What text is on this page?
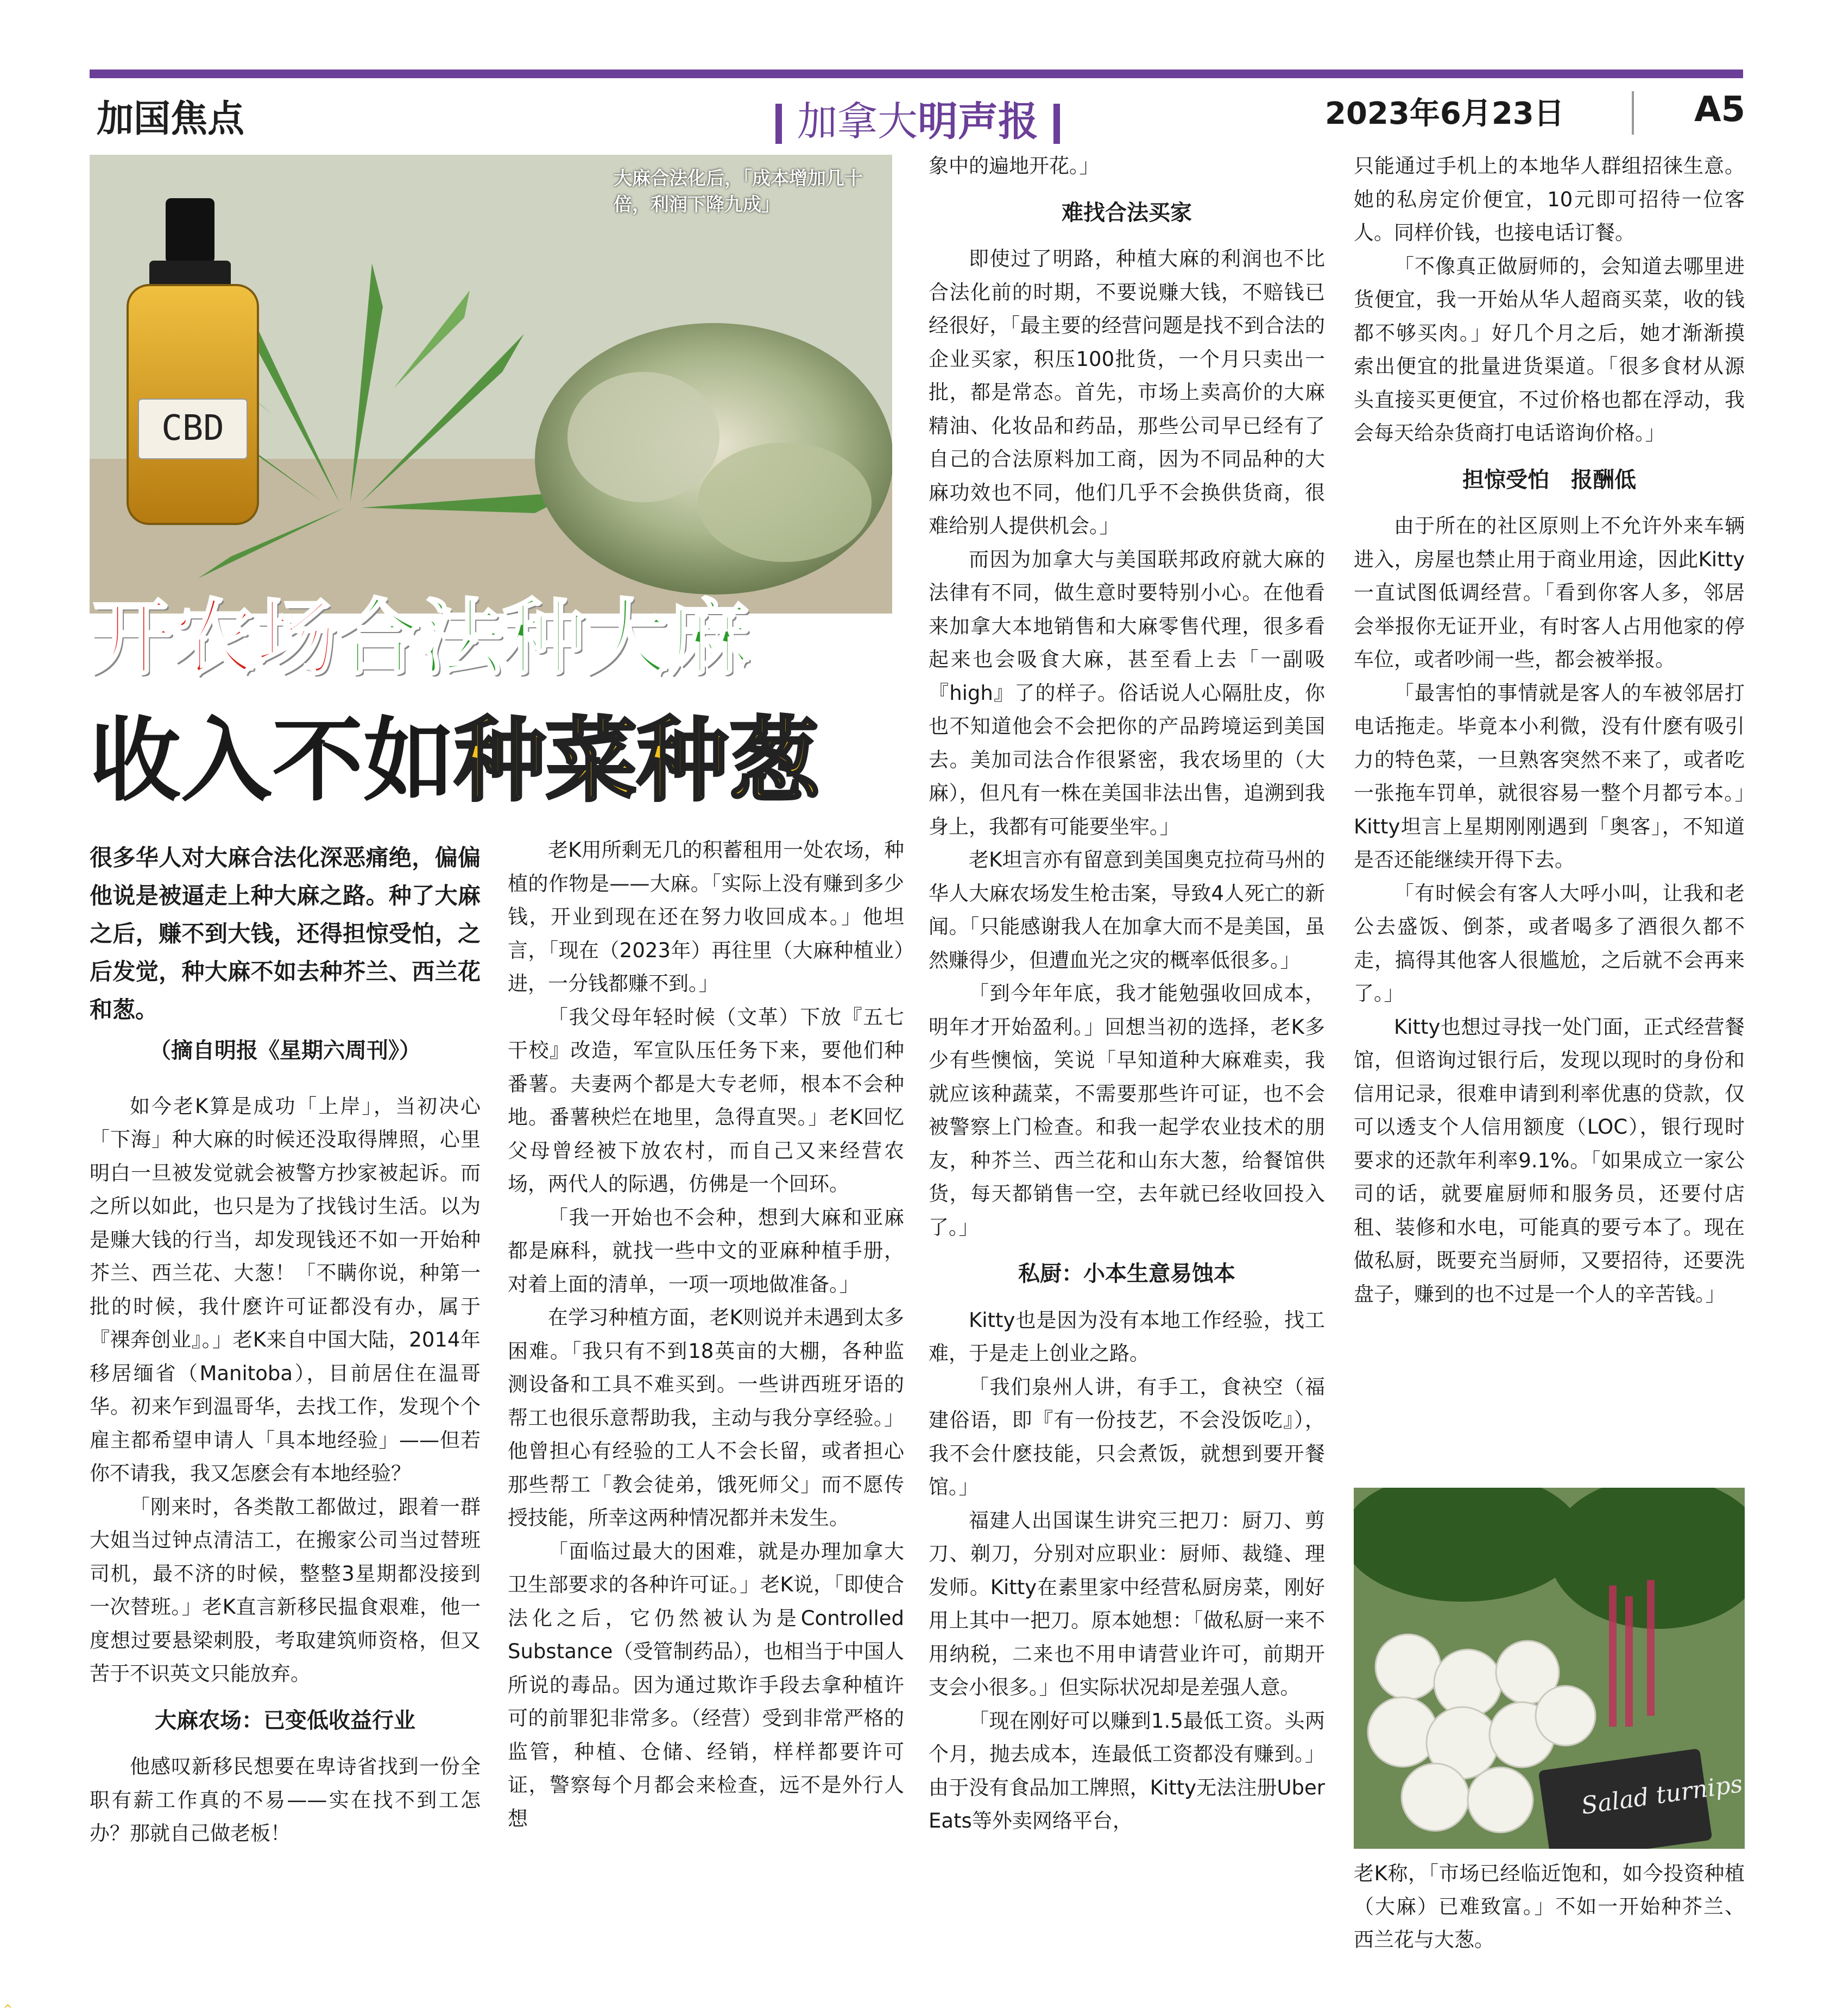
加国焦点	加拿大明声报	2023年6月23日	A5
CBD
大麻合法化后，「成本增加几十倍，利润下降九成」
开农场合法种大麻
收入不如种菜种葱

很多华人对大麻合法化深恶痛绝，偏偏他说是被逼走上种大麻之路。种了大麻之后，赚不到大钱，还得担惊受怕，之后发觉，种大麻不如去种芥兰、西兰花和葱。

（摘自明报《星期六周刊》）

如今老K算是成功「上岸」，当初决心「下海」种大麻的时候还没取得牌照，心里明白一旦被发觉就会被警方抄家被起诉。而之所以如此，也只是为了找钱讨生活。以为是赚大钱的行当，却发现钱还不如一开始种芥兰、西兰花、大葱！「不瞒你说，种第一批的时候，我什麽许可证都没有办，属于『裸奔创业』。」老K来自中国大陆，2014年移居缅省（Manitoba），目前居住在温哥华。初来乍到温哥华，去找工作，发现个个雇主都希望申请人「具本地经验」——但若你不请我，我又怎麽会有本地经验？

「刚来时，各类散工都做过，跟着一群大姐当过钟点清洁工，在搬家公司当过替班司机，最不济的时候，整整3星期都没接到一次替班。」老K直言新移民揾食艰难，他一度想过要悬梁刺股，考取建筑师资格，但又苦于不识英文只能放弃。

大麻农场：已变低收益行业

他感叹新移民想要在卑诗省找到一份全职有薪工作真的不易——实在找不到工怎办？那就自己做老板！

老K用所剩无几的积蓄租用一处农场，种植的作物是——大麻。「实际上没有赚到多少钱，开业到现在还在努力收回成本。」他坦言，「现在（2023年）再往里（大麻种植业）进，一分钱都赚不到。」

「我父母年轻时候（文革）下放『五七干校』改造，军宣队压任务下来，要他们种番薯。夫妻两个都是大专老师，根本不会种地。番薯秧烂在地里，急得直哭。」老K回忆父母曾经被下放农村，而自己又来经营农场，两代人的际遇，仿佛是一个回环。

「我一开始也不会种，想到大麻和亚麻都是麻科，就找一些中文的亚麻种植手册，对着上面的清单，一项一项地做准备。」

在学习种植方面，老K则说并未遇到太多困难。「我只有不到18英亩的大棚，各种监测设备和工具不难买到。一些讲西班牙语的帮工也很乐意帮助我，主动与我分享经验。」他曾担心有经验的工人不会长留，或者担心那些帮工「教会徒弟，饿死师父」而不愿传授技能，所幸这两种情况都并未发生。

「面临过最大的困难，就是办理加拿大卫生部要求的各种许可证。」老K说，「即使合法化之后，它仍然被认为是Controlled Substance（受管制药品），也相当于中国人所说的毒品。因为通过欺诈手段去拿种植许可的前罪犯非常多。（经营）受到非常严格的监管，种植、仓储、经销，样样都要许可证，警察每个月都会来检查，远不是外行人想

象中的遍地开花。」

难找合法买家

即使过了明路，种植大麻的利润也不比合法化前的时期，不要说赚大钱，不赔钱已经很好，「最主要的经营问题是找不到合法的企业买家，积压100批货，一个月只卖出一批，都是常态。首先，市场上卖高价的大麻精油、化妆品和药品，那些公司早已经有了自己的合法原料加工商，因为不同品种的大麻功效也不同，他们几乎不会换供货商，很难给别人提供机会。」

而因为加拿大与美国联邦政府就大麻的法律有不同，做生意时要特别小心。在他看来加拿大本地销售和大麻零售代理，很多看起来也会吸食大麻，甚至看上去「一副吸『high』了的样子。俗话说人心隔肚皮，你也不知道他会不会把你的产品跨境运到美国去。美加司法合作很紧密，我农场里的（大麻），但凡有一株在美国非法出售，追溯到我身上，我都有可能要坐牢。」

老K坦言亦有留意到美国奥克拉荷马州的华人大麻农场发生枪击案，导致4人死亡的新闻。「只能感谢我人在加拿大而不是美国，虽然赚得少，但遭血光之灾的概率低很多。」

「到今年年底，我才能勉强收回成本，明年才开始盈利。」回想当初的选择，老K多少有些懊恼，笑说「早知道种大麻难卖，我就应该种蔬菜，不需要那些许可证，也不会被警察上门检查。和我一起学农业技术的朋友，种芥兰、西兰花和山东大葱，给餐馆供货，每天都销售一空，去年就已经收回投入了。」

私厨：小本生意易蚀本

Kitty也是因为没有本地工作经验，找工难，于是走上创业之路。

「我们泉州人讲，有手工，食袂空（福建俗语，即『有一份技艺，不会没饭吃』），我不会什麽技能，只会煮饭，就想到要开餐馆。」

福建人出国谋生讲究三把刀：厨刀、剪刀、剃刀，分别对应职业：厨师、裁缝、理发师。Kitty在素里家中经营私厨房菜，刚好用上其中一把刀。原本她想：「做私厨一来不用纳税，二来也不用申请营业许可，前期开支会小很多。」但实际状况却是差强人意。

「现在刚好可以赚到1.5最低工资。头两个月，抛去成本，连最低工资都没有赚到。」由于没有食品加工牌照，Kitty无法注册Uber Eats等外卖网络平台，

只能通过手机上的本地华人群组招徕生意。她的私房定价便宜，10元即可招待一位客人。同样价钱，也接电话订餐。

「不像真正做厨师的，会知道去哪里进货便宜，我一开始从华人超商买菜，收的钱都不够买肉。」好几个月之后，她才渐渐摸索出便宜的批量进货渠道。「很多食材从源头直接买更便宜，不过价格也都在浮动，我会每天给杂货商打电话谘询价格。」

担惊受怕　报酬低

由于所在的社区原则上不允许外来车辆进入，房屋也禁止用于商业用途，因此Kitty一直试图低调经营。「看到你客人多，邻居会举报你无证开业，有时客人占用他家的停车位，或者吵闹一些，都会被举报。

「最害怕的事情就是客人的车被邻居打电话拖走。毕竟本小利微，没有什麽有吸引力的特色菜，一旦熟客突然不来了，或者吃一张拖车罚单，就很容易一整个月都亏本。」Kitty坦言上星期刚刚遇到「奥客」，不知道是否还能继续开得下去。

「有时候会有客人大呼小叫，让我和老公去盛饭、倒茶，或者喝多了酒很久都不走，搞得其他客人很尴尬，之后就不会再来了。」

Kitty也想过寻找一处门面，正式经营餐馆，但谘询过银行后，发现以现时的身份和信用记录，很难申请到利率优惠的贷款，仅可以透支个人信用额度（LOC），银行现时要求的还款年利率9.1%。「如果成立一家公司的话，就要雇厨师和服务员，还要付店租、装修和水电，可能真的要亏本了。现在做私厨，既要充当厨师，又要招待，还要洗盘子，赚到的也不过是一个人的辛苦钱。」

Salad turnips
老K称，「市场已经临近饱和，如今投资种植（大麻）已难致富。」不如一开始种芥兰、西兰花与大葱。
^
